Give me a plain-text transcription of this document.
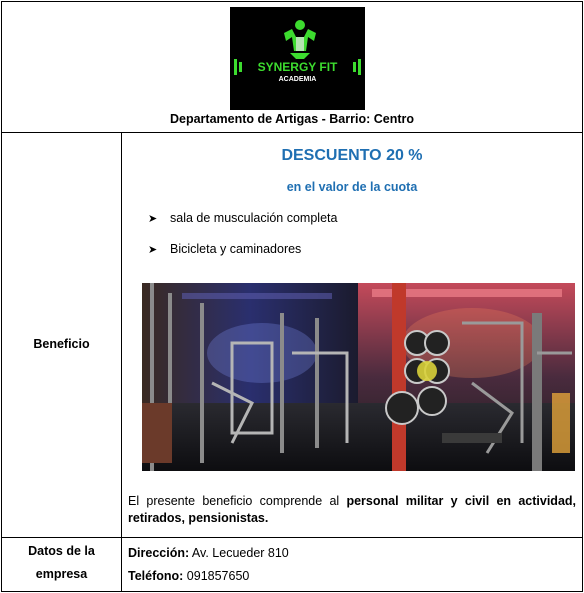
SYNERGY FIT
ACADEMIA
Departamento de Artigas - Barrio: Centro
Beneficio
DESCUENTO 20 %
en el valor de la cuota
➤ sala de musculación completa
➤ Bicicleta y caminadores
El presente beneficio comprende al personal militar y civil en actividad, retirados, pensionistas.
Datos de la
empresa
Dirección: Av. Lecueder 810
Teléfono: 091857650
